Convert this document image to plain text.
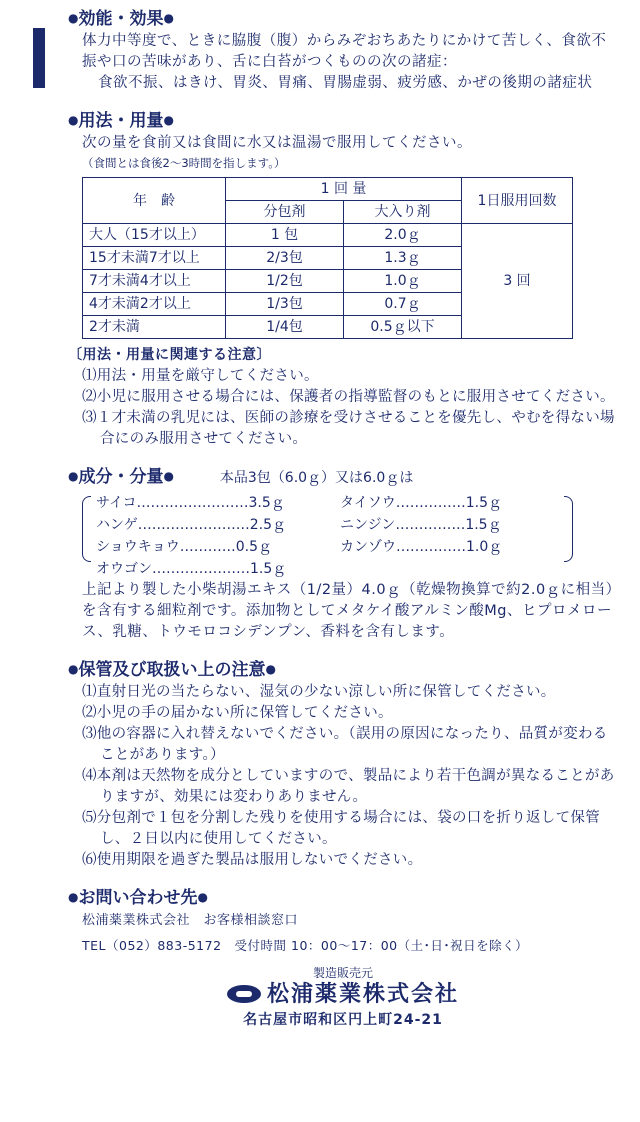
●効能・効果●
体力中等度で、ときに脇腹（腹）からみぞおちあたりにかけて苦しく、食欲不振や口の苦味があり、舌に白苔がつくものの次の諸症：
食欲不振、はきけ、胃炎、胃痛、胃腸虚弱、疲労感、かぜの後期の諸症状
●用法・用量●
次の量を食前又は食間に水又は温湯で服用してください。
（食間とは食後2〜3時間を指します。）
年　齢	1 回 量		1日服用回数
	分包剤	大入り剤	
大人（15才以上）	1 包	2.0ｇ	3 回
15才未満7才以上	2/3包	1.3ｇ	
7才未満4才以上	1/2包	1.0ｇ	
4才未満2才以上	1/3包	0.7ｇ	
2才未満	1/4包	0.5ｇ以下	
〔用法・用量に関連する注意〕
⑴用法・用量を厳守してください。
⑵小児に服用させる場合には、保護者の指導監督のもとに服用させてください。
⑶１才未満の乳児には、医師の診療を受けさせることを優先し、やむを得ない場合にのみ服用させてください。
●成分・分量●	本品3包（6.0ｇ）又は6.0ｇは
サイコ……………………3.5ｇ	タイソウ……………1.5ｇ
ハンゲ……………………2.5ｇ	ニンジン……………1.5ｇ
ショウキョウ…………0.5ｇ	カンゾウ……………1.0ｇ
オウゴン…………………1.5ｇ
上記より製した小柴胡湯エキス（1/2量）4.0ｇ（乾燥物換算で約2.0ｇに相当）を含有する細粒剤です。添加物としてメタケイ酸アルミン酸Mg、ヒプロメロース、乳糖、トウモロコシデンプン、香料を含有します。
●保管及び取扱い上の注意●
⑴直射日光の当たらない、湿気の少ない涼しい所に保管してください。
⑵小児の手の届かない所に保管してください。
⑶他の容器に入れ替えないでください。（誤用の原因になったり、品質が変わることがあります。）
⑷本剤は天然物を成分としていますので、製品により若干色調が異なることがありますが、効果には変わりありません。
⑸分包剤で１包を分割した残りを使用する場合には、袋の口を折り返して保管し、２日以内に使用してください。
⑹使用期限を過ぎた製品は服用しないでください。
●お問い合わせ先●
松浦薬業株式会社　お客様相談窓口
TEL（052）883-5172　受付時間 10：00〜17：00（土･日･祝日を除く）
製造販売元
松浦薬業株式会社
名古屋市昭和区円上町24-21
